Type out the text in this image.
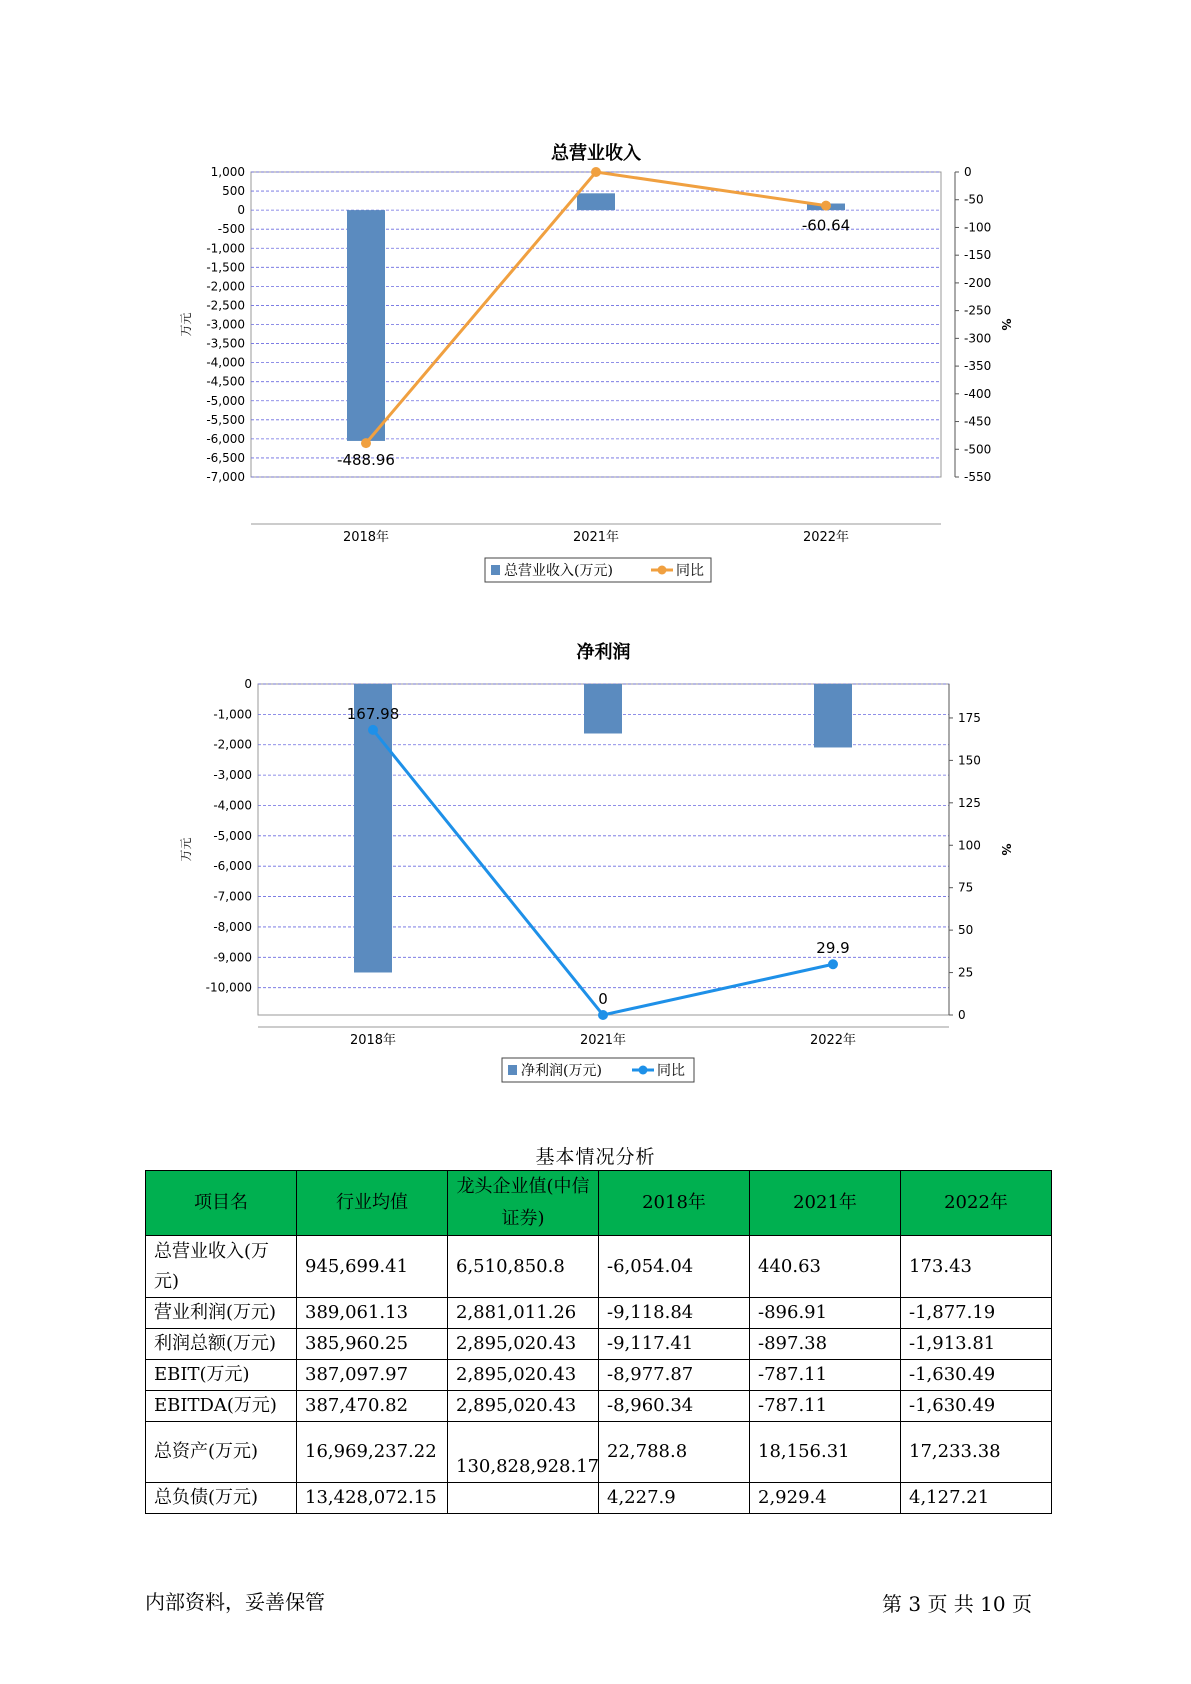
总营业收入
1,000
500
0
-500
-1,000
-1,500
-2,000
-2,500
-3,000
-3,500
-4,000
-4,500
-5,000
-5,500
-6,000
-6,500
-7,000
0
-50
-100
-150
-200
-250
-300
-350
-400
-450
-500
-550
万元	%
2018年	2021年	2022年
-488.96
-60.64
总营业收入(万元)	同比
净利润
0
-1,000
-2,000
-3,000
-4,000
-5,000
-6,000
-7,000
-8,000
-9,000
-10,000
175
150
125
100
75
50
25
0
万元	%
2018年	2021年	2022年
167.98
0
29.9
净利润(万元)	同比
基本情况分析
项目名	行业均值	龙头企业值(中信证券)	2018年	2021年	2022年
总营业收入(万元)	945,699.41	6,510,850.8	-6,054.04	440.63	173.43
营业利润(万元)	389,061.13	2,881,011.26	-9,118.84	-896.91	-1,877.19
利润总额(万元)	385,960.25	2,895,020.43	-9,117.41	-897.38	-1,913.81
EBIT(万元)	387,097.97	2,895,020.43	-8,977.87	-787.11	-1,630.49
EBITDA(万元)	387,470.82	2,895,020.43	-8,960.34	-787.11	-1,630.49
总资产(万元)	16,969,237.22	130,828,928.17	22,788.8	18,156.31	17,233.38
总负债(万元)	13,428,072.15		4,227.9	2,929.4	4,127.21
内部资料，妥善保管	第 3 页 共 10 页
